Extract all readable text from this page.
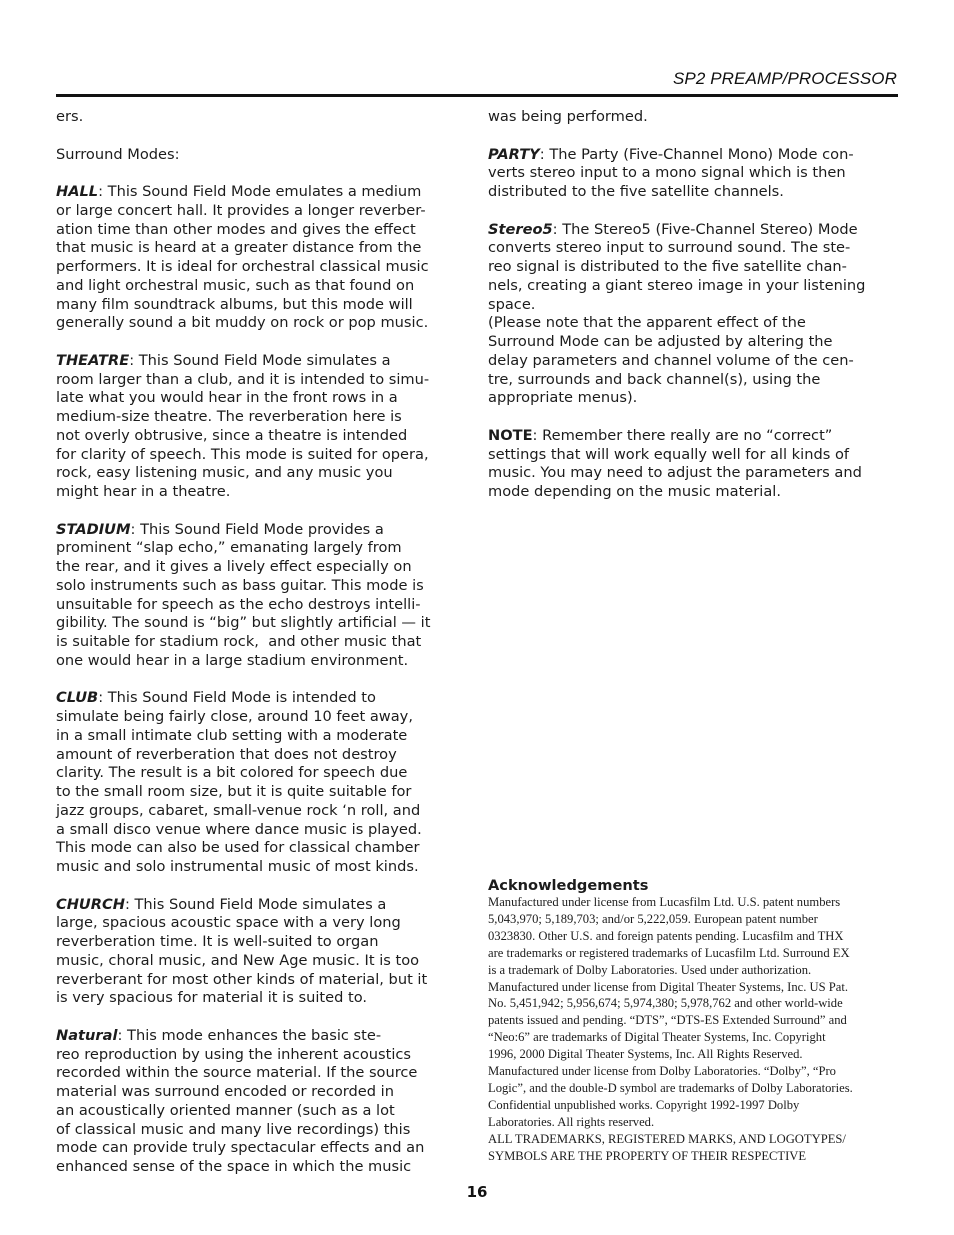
SP2 PREAMP/PROCESSOR
ers.
Surround Modes:
HALL: This Sound Field Mode emulates a medium
or large concert hall. It provides a longer reverber-
ation time than other modes and gives the effect
that music is heard at a greater distance from the
performers. It is ideal for orchestral classical music
and light orchestral music, such as that found on
many film soundtrack albums, but this mode will
generally sound a bit muddy on rock or pop music.
THEATRE: This Sound Field Mode simulates a
room larger than a club, and it is intended to simu-
late what you would hear in the front rows in a
medium-size theatre. The reverberation here is
not overly obtrusive, since a theatre is intended
for clarity of speech. This mode is suited for opera,
rock, easy listening music, and any music you
might hear in a theatre.
STADIUM: This Sound Field Mode provides a
prominent “slap echo,” emanating largely from
the rear, and it gives a lively effect especially on
solo instruments such as bass guitar. This mode is
unsuitable for speech as the echo destroys intelli-
gibility. The sound is “big” but slightly artificial — it
is suitable for stadium rock,  and other music that
one would hear in a large stadium environment.
CLUB: This Sound Field Mode is intended to
simulate being fairly close, around 10 feet away,
in a small intimate club setting with a moderate
amount of reverberation that does not destroy
clarity. The result is a bit colored for speech due
to the small room size, but it is quite suitable for
jazz groups, cabaret, small-venue rock ‘n roll, and
a small disco venue where dance music is played.
This mode can also be used for classical chamber
music and solo instrumental music of most kinds.
CHURCH: This Sound Field Mode simulates a
large, spacious acoustic space with a very long
reverberation time. It is well-suited to organ
music, choral music, and New Age music. It is too
reverberant for most other kinds of material, but it
is very spacious for material it is suited to.
Natural: This mode enhances the basic ste-
reo reproduction by using the inherent acoustics
recorded within the source material. If the source
material was surround encoded or recorded in
an acoustically oriented manner (such as a lot
of classical music and many live recordings) this
mode can provide truly spectacular effects and an
enhanced sense of the space in which the music
was being performed.
PARTY: The Party (Five-Channel Mono) Mode con-
verts stereo input to a mono signal which is then
distributed to the five satellite channels.
Stereo5: The Stereo5 (Five-Channel Stereo) Mode
converts stereo input to surround sound. The ste-
reo signal is distributed to the five satellite chan-
nels, creating a giant stereo image in your listening
space.
(Please note that the apparent effect of the
Surround Mode can be adjusted by altering the
delay parameters and channel volume of the cen-
tre, surrounds and back channel(s), using the
appropriate menus).
NOTE: Remember there really are no “correct”
settings that will work equally well for all kinds of
music. You may need to adjust the parameters and
mode depending on the music material.
Acknowledgements
Manufactured under license from Lucasfilm Ltd. U.S. patent numbers
5,043,970; 5,189,703; and/or 5,222,059. European patent number
0323830. Other U.S. and foreign patents pending. Lucasfilm and THX
are trademarks or registered trademarks of Lucasfilm Ltd. Surround EX
is a trademark of Dolby Laboratories. Used under authorization.
Manufactured under license from Digital Theater Systems, Inc. US Pat.
No. 5,451,942; 5,956,674; 5,974,380; 5,978,762 and other world-wide
patents issued and pending. “DTS”, “DTS-ES Extended Surround” and
“Neo:6” are trademarks of Digital Theater Systems, Inc. Copyright
1996, 2000 Digital Theater Systems, Inc. All Rights Reserved.
Manufactured under license from Dolby Laboratories. “Dolby”, “Pro
Logic”, and the double-D symbol are trademarks of Dolby Laboratories.
Confidential unpublished works. Copyright 1992-1997 Dolby
Laboratories. All rights reserved.
ALL TRADEMARKS, REGISTERED MARKS, AND LOGOTYPES/
SYMBOLS ARE THE PROPERTY OF THEIR RESPECTIVE
16
